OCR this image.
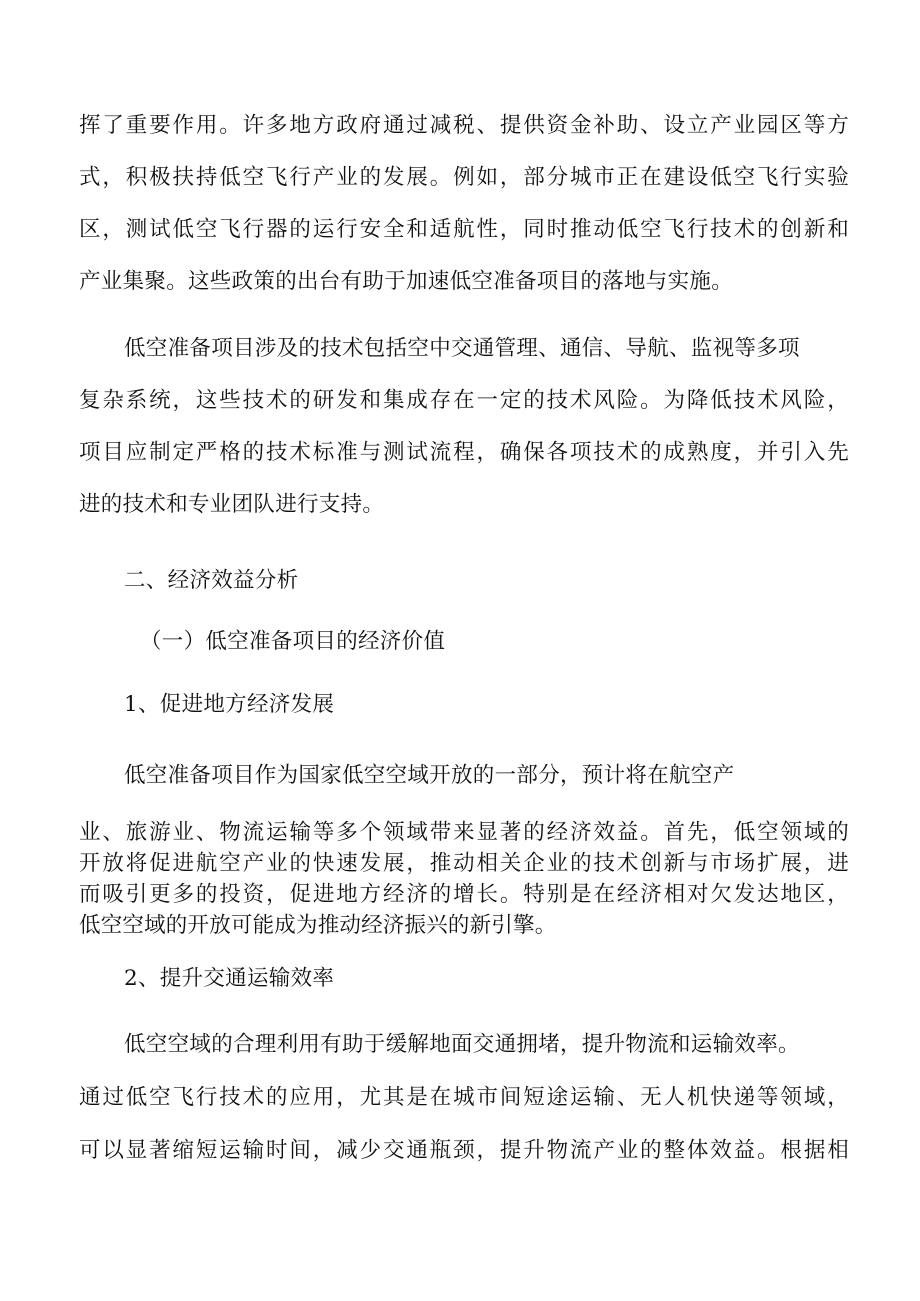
挥了重要作用。许多地方政府通过减税、提供资金补助、设立产业园区等方
式，积极扶持低空飞行产业的发展。例如，部分城市正在建设低空飞行实验
区，测试低空飞行器的运行安全和适航性，同时推动低空飞行技术的创新和
产业集聚。这些政策的出台有助于加速低空准备项目的落地与实施。
低空准备项目涉及的技术包括空中交通管理、通信、导航、监视等多项
复杂系统，这些技术的研发和集成存在一定的技术风险。为降低技术风险，
项目应制定严格的技术标准与测试流程，确保各项技术的成熟度，并引入先
进的技术和专业团队进行支持。
二、经济效益分析
（一）低空准备项目的经济价值
1、促进地方经济发展
低空准备项目作为国家低空空域开放的一部分，预计将在航空产
业、旅游业、物流运输等多个领域带来显著的经济效益。首先，低空领域的
开放将促进航空产业的快速发展，推动相关企业的技术创新与市场扩展，进
而吸引更多的投资，促进地方经济的增长。特别是在经济相对欠发达地区，
低空空域的开放可能成为推动经济振兴的新引擎。
2、提升交通运输效率
低空空域的合理利用有助于缓解地面交通拥堵，提升物流和运输效率。
通过低空飞行技术的应用，尤其是在城市间短途运输、无人机快递等领域，
可以显著缩短运输时间，减少交通瓶颈，提升物流产业的整体效益。根据相
